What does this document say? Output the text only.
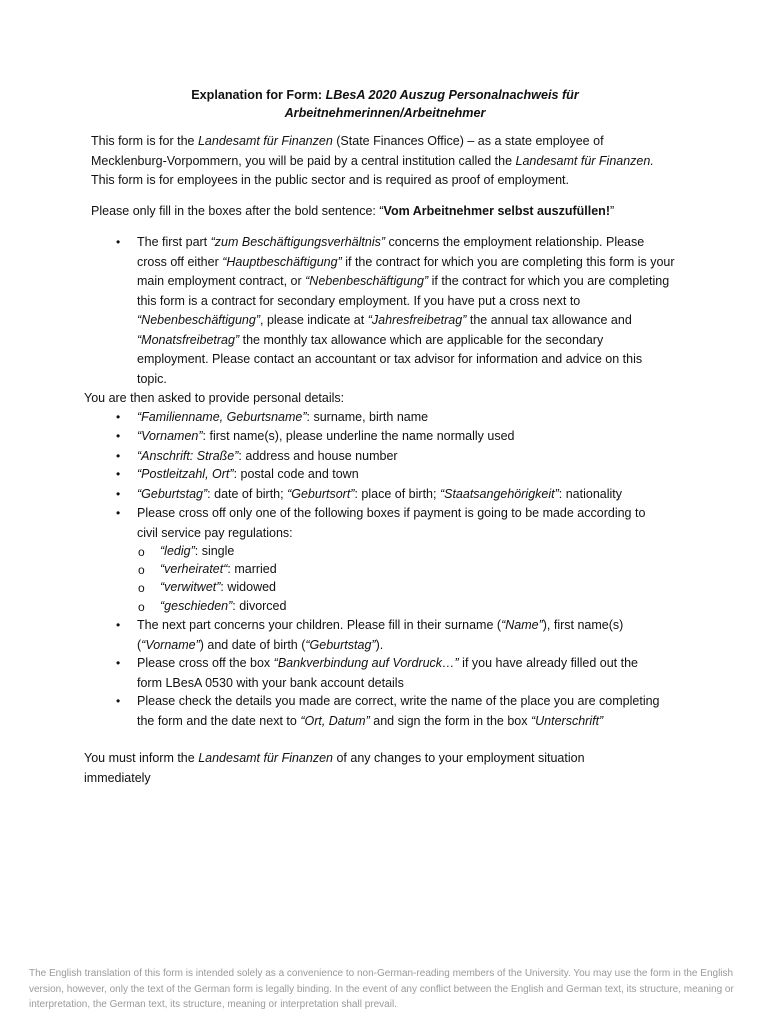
Explanation for Form: LBesA 2020 Auszug Personalnachweis für
Arbeitnehmerinnen/Arbeitnehmer
This form is for the Landesamt für Finanzen (State Finances Office) – as a state employee of
Mecklenburg-Vorpommern, you will be paid by a central institution called the Landesamt für Finanzen.
This form is for employees in the public sector and is required as proof of employment.
Please only fill in the boxes after the bold sentence: “Vom Arbeitnehmer selbst auszufüllen!”
• The first part “zum Beschäftigungsverhältnis” concerns the employment relationship. Please
cross off either “Hauptbeschäftigung” if the contract for which you are completing this form is your
main employment contract, or “Nebenbeschäftigung” if the contract for which you are completing
this form is a contract for secondary employment. If you have put a cross next to
“Nebenbeschäftigung”, please indicate at “Jahresfreibetrag” the annual tax allowance and
“Monatsfreibetrag” the monthly tax allowance which are applicable for the secondary
employment. Please contact an accountant or tax advisor for information and advice on this
topic.
You are then asked to provide personal details:
• “Familienname, Geburtsname”: surname, birth name
• “Vornamen”: first name(s), please underline the name normally used
• “Anschrift: Straße”: address and house number
• “Postleitzahl, Ort”: postal code and town
• “Geburtstag”: date of birth; “Geburtsort”: place of birth; “Staatsangehörigkeit”: nationality
• Please cross off only one of the following boxes if payment is going to be made according to
civil service pay regulations:
o “ledig”: single
o “verheiratet“: married
o “verwitwet”: widowed
o “geschieden”: divorced
• The next part concerns your children. Please fill in their surname (“Name”), first name(s)
(“Vorname”) and date of birth (“Geburtstag”).
• Please cross off the box “Bankverbindung auf Vordruck…” if you have already filled out the
form LBesA 0530 with your bank account details
• Please check the details you made are correct, write the name of the place you are completing
the form and the date next to “Ort, Datum” and sign the form in the box “Unterschrift”
You must inform the Landesamt für Finanzen of any changes to your employment situation
immediately
The English translation of this form is intended solely as a convenience to non-German-reading members of the University. You may use the form in the English version, however, only the text of the German form is legally binding. In the event of any conflict between the English and German text, its structure, meaning or interpretation, the German text, its structure, meaning or interpretation shall prevail.
